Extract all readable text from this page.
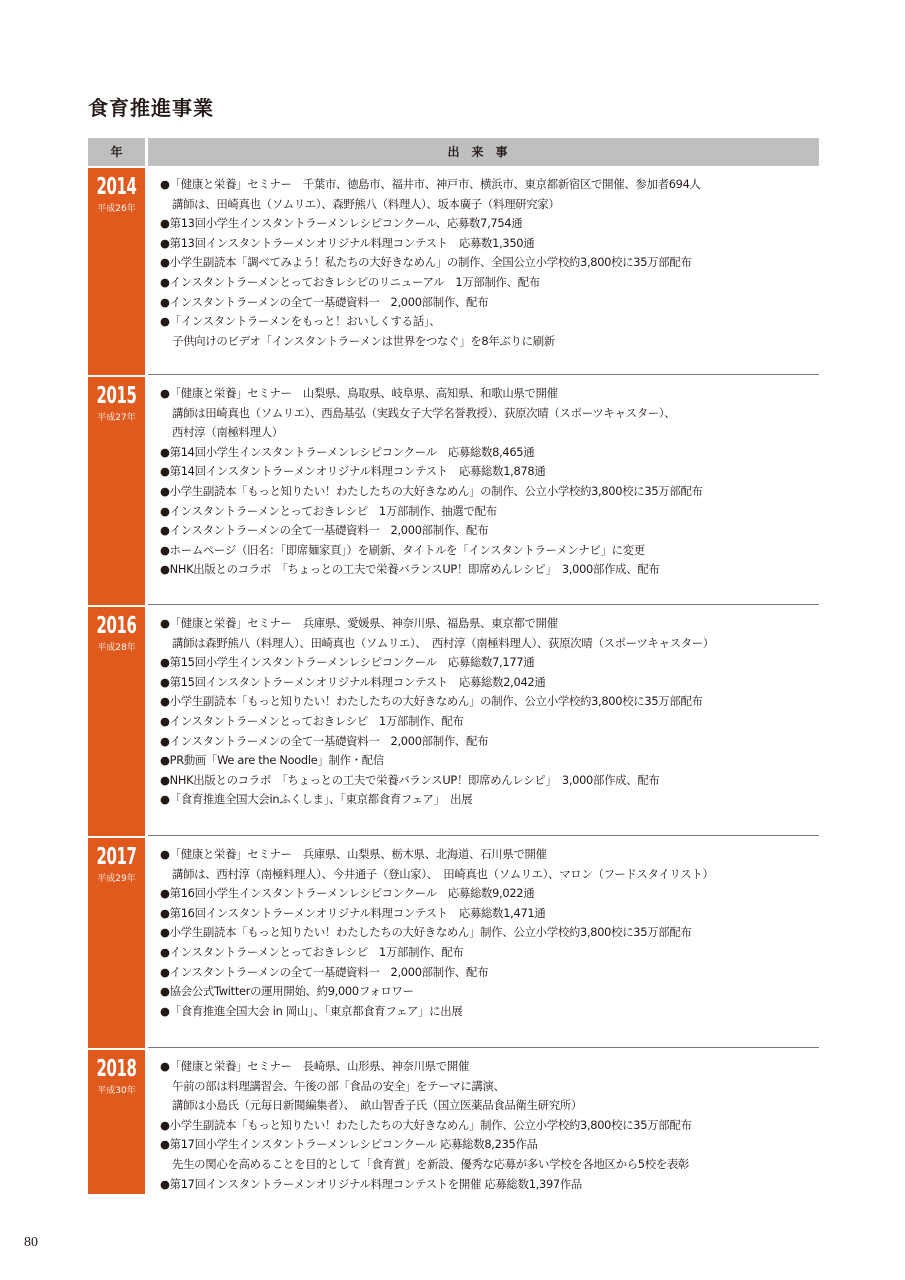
食育推進事業
年	出来事
2014
平成26年
●「健康と栄養」セミナー　千葉市、徳島市、福井市、神戸市、横浜市、東京都新宿区で開催、参加者694人
講師は、田崎真也（ソムリエ）、森野熊八（料理人）、坂本廣子（料理研究家）
●第13回小学生インスタントラーメンレシピコンクール、応募数7,754通
●第13回インスタントラーメンオリジナル料理コンテスト　応募数1,350通
●小学生副読本「調べてみよう！私たちの大好きなめん」の制作、全国公立小学校約3,800校に35万部配布
●インスタントラーメンとっておきレシピのリニューアル　1万部制作、配布
●インスタントラーメンの全て一基礎資料一　2,000部制作、配布
●「インスタントラーメンをもっと！おいしくする話」、
子供向けのビデオ「インスタントラーメンは世界をつなぐ」を8年ぶりに刷新
2015
平成27年
●「健康と栄養」セミナー　山梨県、鳥取県、岐阜県、高知県、和歌山県で開催
講師は田崎真也（ソムリエ）、西島基弘（実践女子大学名誉教授）、荻原次晴（スポーツキャスター）、
西村淳（南極料理人）
●第14回小学生インスタントラーメンレシピコンクール　応募総数8,465通
●第14回インスタントラーメンオリジナル料理コンテスト　応募総数1,878通
●小学生副読本「もっと知りたい！わたしたちの大好きなめん」の制作、公立小学校約3,800校に35万部配布
●インスタントラーメンとっておきレシピ　1万部制作、抽選で配布
●インスタントラーメンの全て一基礎資料一　2,000部制作、配布
●ホームページ（旧名：「即席麺家頁」）を刷新、タイトルを「インスタントラーメンナビ」に変更
●NHK出版とのコラボ　「ちょっとの工夫で栄養バランスUP！即席めんレシピ」　3,000部作成、配布
2016
平成28年
●「健康と栄養」セミナー　兵庫県、愛媛県、神奈川県、福島県、東京都で開催
講師は森野熊八（料理人）、田崎真也（ソムリエ）、　西村淳（南極料理人）、荻原次晴（スポーツキャスター）
●第15回小学生インスタントラーメンレシピコンクール　応募総数7,177通
●第15回インスタントラーメンオリジナル料理コンテスト　応募総数2,042通
●小学生副読本「もっと知りたい！わたしたちの大好きなめん」の制作、公立小学校約3,800校に35万部配布
●インスタントラーメンとっておきレシピ　1万部制作、配布
●インスタントラーメンの全て一基礎資料一　2,000部制作、配布
●PR動画「We are the Noodle」制作・配信
●NHK出版とのコラボ　「ちょっとの工夫で栄養バランスUP！即席めんレシピ」　3,000部作成、配布
●「食育推進全国大会inふくしま」、「東京都食育フェア」　出展
2017
平成29年
●「健康と栄養」セミナー　兵庫県、山梨県、栃木県、北海道、石川県で開催
講師は、西村淳（南極料理人）、今井通子（登山家）、　田崎真也（ソムリエ）、マロン（フードスタイリスト）
●第16回小学生インスタントラーメンレシピコンクール　応募総数9,022通
●第16回インスタントラーメンオリジナル料理コンテスト　応募総数1,471通
●小学生副読本「もっと知りたい！わたしたちの大好きなめん」制作、公立小学校約3,800校に35万部配布
●インスタントラーメンとっておきレシピ　1万部制作、配布
●インスタントラーメンの全て一基礎資料一　2,000部制作、配布
●協会公式Twitterの運用開始、約9,000フォロワー
●「食育推進全国大会 in 岡山」、「東京都食育フェア」に出展
2018
平成30年
●「健康と栄養」セミナー　長崎県、山形県、神奈川県で開催
午前の部は料理講習会、午後の部「食品の安全」をテーマに講演、
講師は小島氏（元毎日新聞編集者）、　畝山智香子氏（国立医薬品食品衛生研究所）
●小学生副読本「もっと知りたい！わたしたちの大好きなめん」制作、公立小学校約3,800校に35万部配布
●第17回小学生インスタントラーメンレシピコンクール 応募総数8,235作品
先生の関心を高めることを目的として「食育賞」を新設、優秀な応募が多い学校を各地区から5校を表彰
●第17回インスタントラーメンオリジナル料理コンテストを開催 応募総数1,397作品
80
